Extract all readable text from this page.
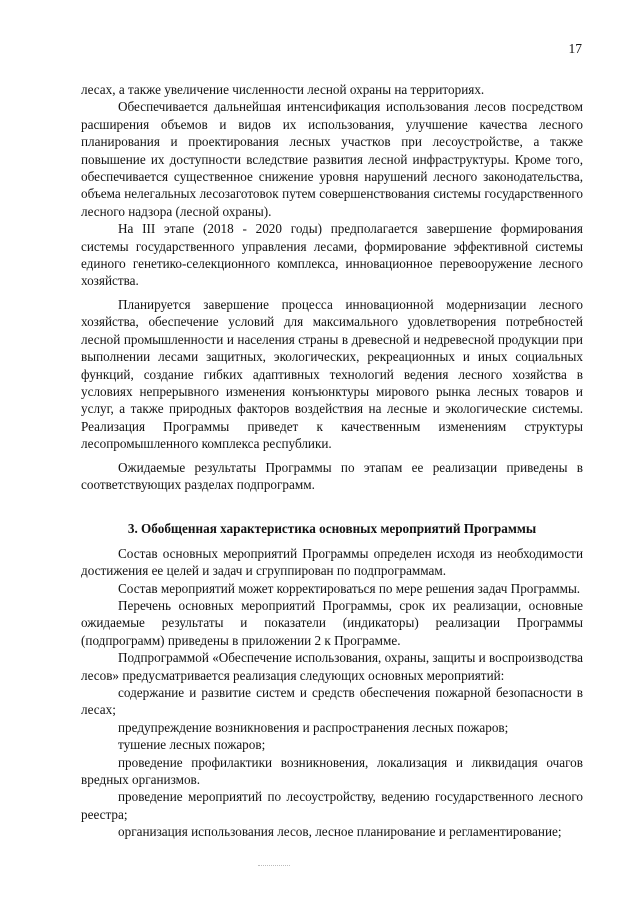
17

лесах, а также увеличение численности лесной охраны на территориях.

Обеспечивается дальнейшая интенсификация использования лесов посредством расширения объемов и видов их использования, улучшение качества лесного планирования и проектирования лесных участков при лесоустройстве, а также повышение их доступности вследствие развития лесной инфраструктуры. Кроме того, обеспечивается существенное снижение уровня нарушений лесного законодательства, объема нелегальных лесозаготовок путем совершенствования системы государственного лесного надзора (лесной охраны).

На III этапе (2018 - 2020 годы) предполагается завершение формирования системы государственного управления лесами, формирование эффективной системы единого генетико-селекционного комплекса, инновационное перевооружение лесного хозяйства.

Планируется завершение процесса инновационной модернизации лесного хозяйства, обеспечение условий для максимального удовлетворения потребностей лесной промышленности и населения страны в древесной и недревесной продукции при выполнении лесами защитных, экологических, рекреационных и иных социальных функций, создание гибких адаптивных технологий ведения лесного хозяйства в условиях непрерывного изменения конъюнктуры мирового рынка лесных товаров и услуг, а также природных факторов воздействия на лесные и экологические системы. Реализация Программы приведет к качественным изменениям структуры лесопромышленного комплекса республики.

Ожидаемые результаты Программы по этапам ее реализации приведены в соответствующих разделах подпрограмм.

3. Обобщенная характеристика основных мероприятий Программы

Состав основных мероприятий Программы определен исходя из необходимости достижения ее целей и задач и сгруппирован по подпрограммам.

Состав мероприятий может корректироваться по мере решения задач Программы.

Перечень основных мероприятий Программы, срок их реализации, основные ожидаемые результаты и показатели (индикаторы) реализации Программы (подпрограмм) приведены в приложении 2 к Программе.

Подпрограммой «Обеспечение использования, охраны, защиты и воспроизводства лесов» предусматривается реализация следующих основных мероприятий:

содержание и развитие систем и средств обеспечения пожарной безопасности в лесах;

предупреждение возникновения и распространения лесных пожаров;

тушение лесных пожаров;

проведение профилактики возникновения, локализация и ликвидация очагов вредных организмов.

проведение мероприятий по лесоустройству, ведению государственного лесного реестра;

организация использования лесов, лесное планирование и регламентирование;
